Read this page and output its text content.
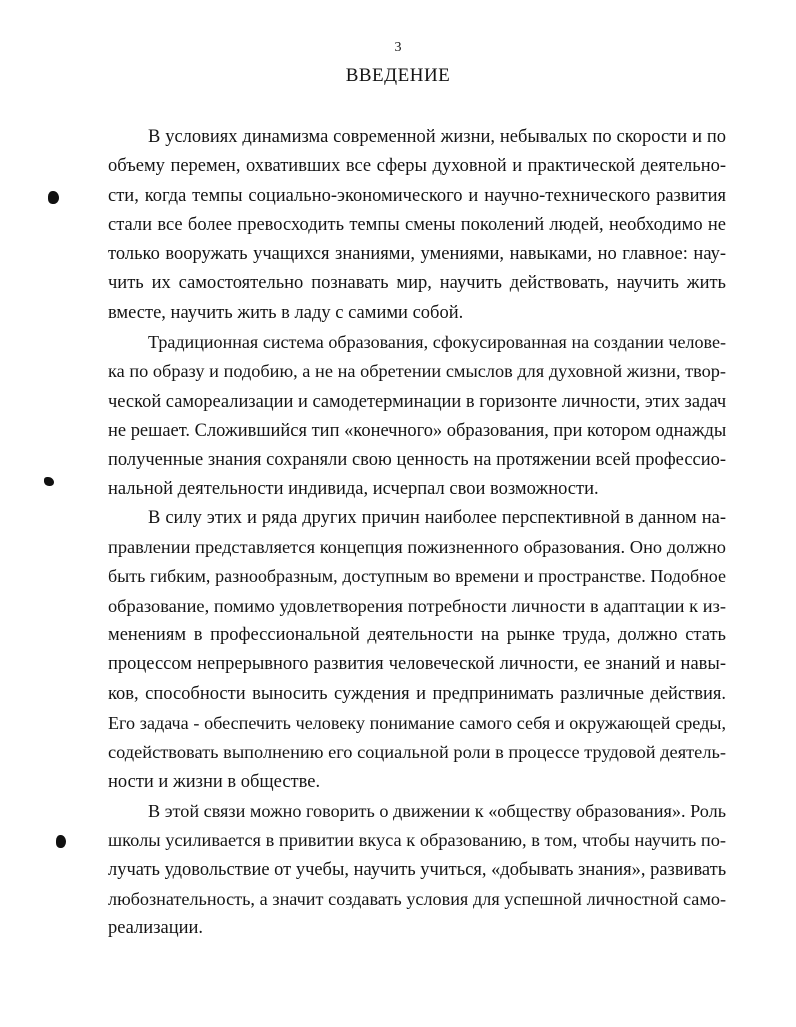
3
ВВЕДЕНИЕ

В условиях динамизма современной жизни, небывалых по скорости и по
объему перемен, охвативших все сферы духовной и практической деятельно-
сти, когда темпы социально-экономического и научно-технического развития
стали все более превосходить темпы смены поколений людей, необходимо не
только вооружать учащихся знаниями, умениями, навыками, но главное: нау-
чить их самостоятельно познавать мир, научить действовать, научить жить
вместе, научить жить в ладу с самими собой.

Традиционная система образования, сфокусированная на создании челове-
ка по образу и подобию, а не на обретении смыслов для духовной жизни, твор-
ческой самореализации и самодетерминации в горизонте личности, этих задач
не решает. Сложившийся тип «конечного» образования, при котором однажды
полученные знания сохраняли свою ценность на протяжении всей профессио-
нальной деятельности индивида, исчерпал свои возможности.

В силу этих и ряда других причин наиболее перспективной в данном на-
правлении представляется концепция пожизненного образования. Оно должно
быть гибким, разнообразным, доступным во времени и пространстве. Подобное
образование, помимо удовлетворения потребности личности в адаптации к из-
менениям в профессиональной деятельности на рынке труда, должно стать
процессом непрерывного развития человеческой личности, ее знаний и навы-
ков, способности выносить суждения и предпринимать различные действия.
Его задача - обеспечить человеку понимание самого себя и окружающей среды,
содействовать выполнению его социальной роли в процессе трудовой деятель-
ности и жизни в обществе.

В этой связи можно говорить о движении к «обществу образования». Роль
школы усиливается в привитии вкуса к образованию, в том, чтобы научить по-
лучать удовольствие от учебы, научить учиться, «добывать знания», развивать
любознательность, а значит создавать условия для успешной личностной само-
реализации.
